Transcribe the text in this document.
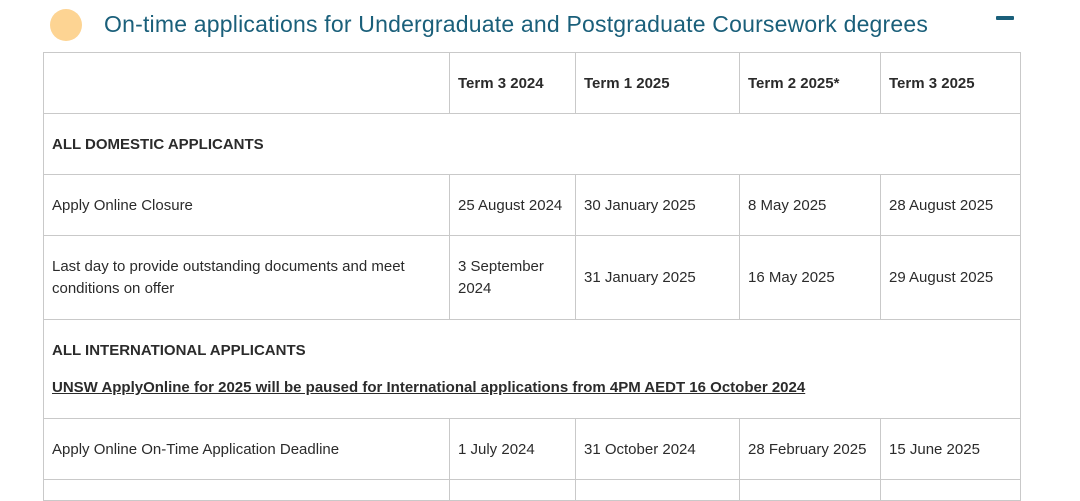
On-time applications for Undergraduate and Postgraduate Coursework degrees
	Term 3 2024	Term 1 2025	Term 2 2025*	Term 3 2025
ALL DOMESTIC APPLICANTS				
Apply Online Closure	25 August 2024	30 January 2025	8 May 2025	28 August 2025
Last day to provide outstanding documents and meet conditions on offer	3 September 2024	31 January 2025	16 May 2025	29 August 2025

ALL INTERNATIONAL APPLICANTS
UNSW ApplyOnline for 2025 will be paused for International applications from 4PM AEDT 16 October 2024				

Apply Online On-Time Application Deadline	1 July 2024	31 October 2024	28 February 2025	15 June 2025
